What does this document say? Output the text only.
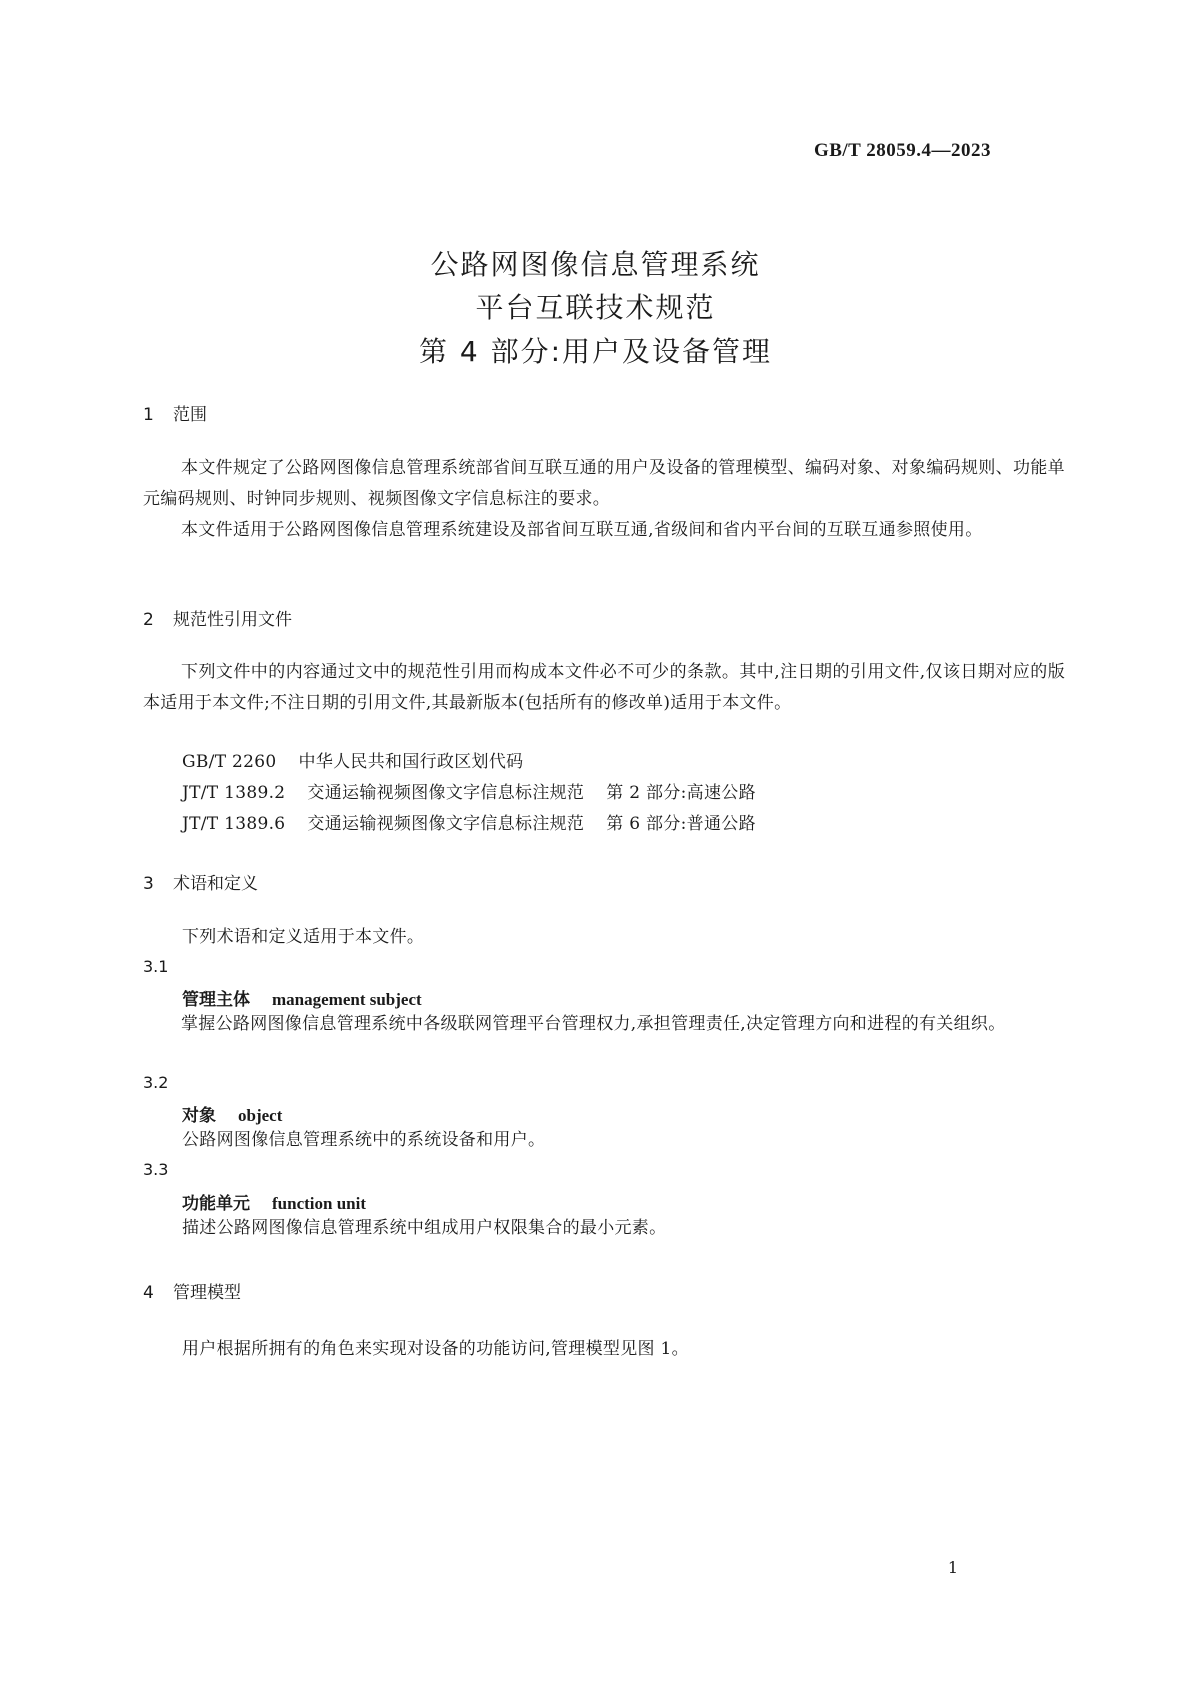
GB/T 28059.4—2023
公路网图像信息管理系统
平台互联技术规范
第 4 部分:用户及设备管理
1 范围
本文件规定了公路网图像信息管理系统部省间互联互通的用户及设备的管理模型、编码对象、对象编码规则、功能单元编码规则、时钟同步规则、视频图像文字信息标注的要求。
本文件适用于公路网图像信息管理系统建设及部省间互联互通,省级间和省内平台间的互联互通参照使用。
2 规范性引用文件
下列文件中的内容通过文中的规范性引用而构成本文件必不可少的条款。其中,注日期的引用文件,仅该日期对应的版本适用于本文件;不注日期的引用文件,其最新版本(包括所有的修改单)适用于本文件。
GB/T 2260 中华人民共和国行政区划代码
JT/T 1389.2 交通运输视频图像文字信息标注规范 第 2 部分:高速公路
JT/T 1389.6 交通运输视频图像文字信息标注规范 第 6 部分:普通公路
3 术语和定义
下列术语和定义适用于本文件。
3.1
管理主体 management subject
掌握公路网图像信息管理系统中各级联网管理平台管理权力,承担管理责任,决定管理方向和进程的有关组织。
3.2
对象 object
公路网图像信息管理系统中的系统设备和用户。
3.3
功能单元 function unit
描述公路网图像信息管理系统中组成用户权限集合的最小元素。
4 管理模型
用户根据所拥有的角色来实现对设备的功能访问,管理模型见图 1。
1
